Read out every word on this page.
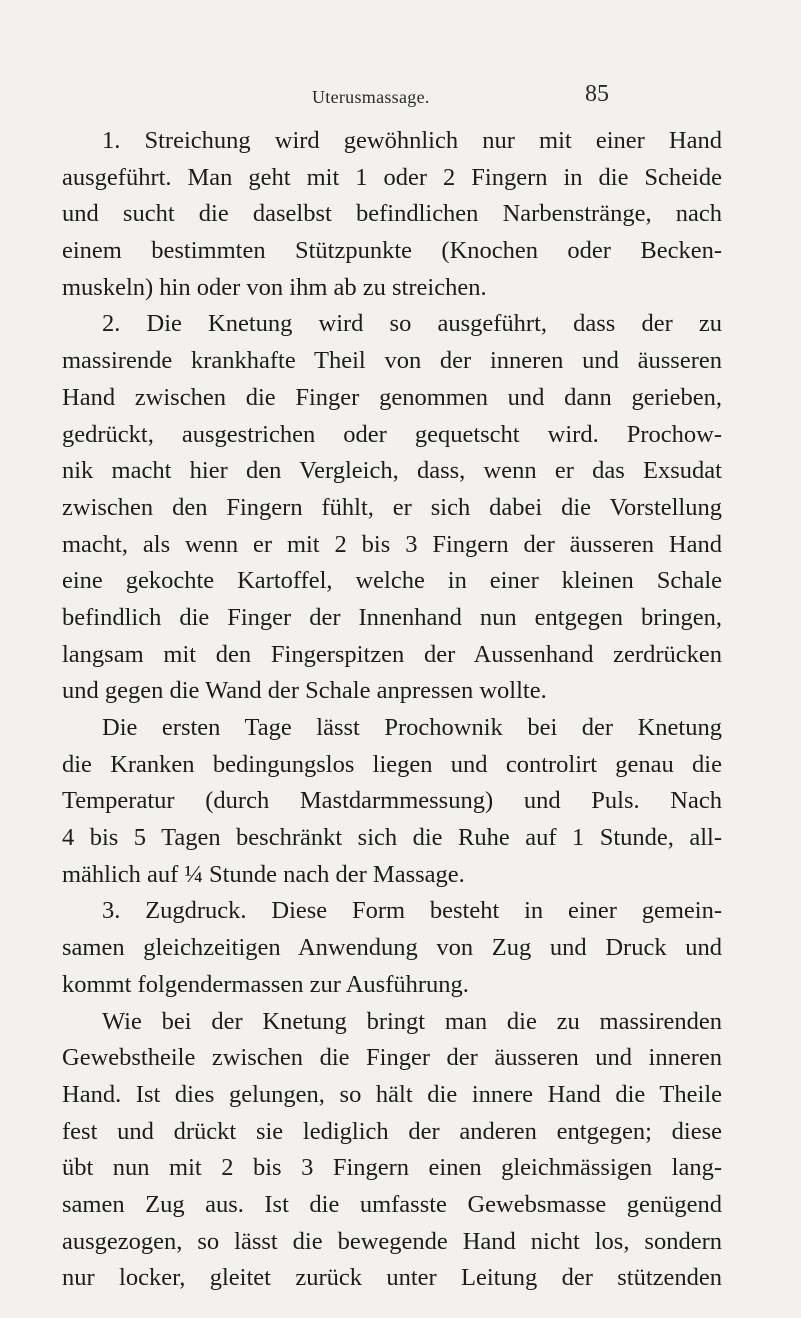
Uterusmassage.	85
1. Streichung wird gewöhnlich nur mit einer Hand
ausgeführt. Man geht mit 1 oder 2 Fingern in die Scheide
und sucht die daselbst befindlichen Narbenstränge, nach
einem bestimmten Stützpunkte (Knochen oder Becken-
muskeln) hin oder von ihm ab zu streichen.
2. Die Knetung wird so ausgeführt, dass der zu
massirende krankhafte Theil von der inneren und äusseren
Hand zwischen die Finger genommen und dann gerieben,
gedrückt, ausgestrichen oder gequetscht wird. Prochow-
nik macht hier den Vergleich, dass, wenn er das Exsudat
zwischen den Fingern fühlt, er sich dabei die Vorstellung
macht, als wenn er mit 2 bis 3 Fingern der äusseren Hand
eine gekochte Kartoffel, welche in einer kleinen Schale
befindlich die Finger der Innenhand nun entgegen bringen,
langsam mit den Fingerspitzen der Aussenhand zerdrücken
und gegen die Wand der Schale anpressen wollte.
Die ersten Tage lässt Prochownik bei der Knetung
die Kranken bedingungslos liegen und controlirt genau die
Temperatur (durch Mastdarmmessung) und Puls. Nach
4 bis 5 Tagen beschränkt sich die Ruhe auf 1 Stunde, all-
mählich auf ¼ Stunde nach der Massage.
3. Zugdruck. Diese Form besteht in einer gemein-
samen gleichzeitigen Anwendung von Zug und Druck und
kommt folgendermassen zur Ausführung.
Wie bei der Knetung bringt man die zu massirenden
Gewebstheile zwischen die Finger der äusseren und inneren
Hand. Ist dies gelungen, so hält die innere Hand die Theile
fest und drückt sie lediglich der anderen entgegen; diese
übt nun mit 2 bis 3 Fingern einen gleichmässigen lang-
samen Zug aus. Ist die umfasste Gewebsmasse genügend
ausgezogen, so lässt die bewegende Hand nicht los, sondern
nur locker, gleitet zurück unter Leitung der stützenden
